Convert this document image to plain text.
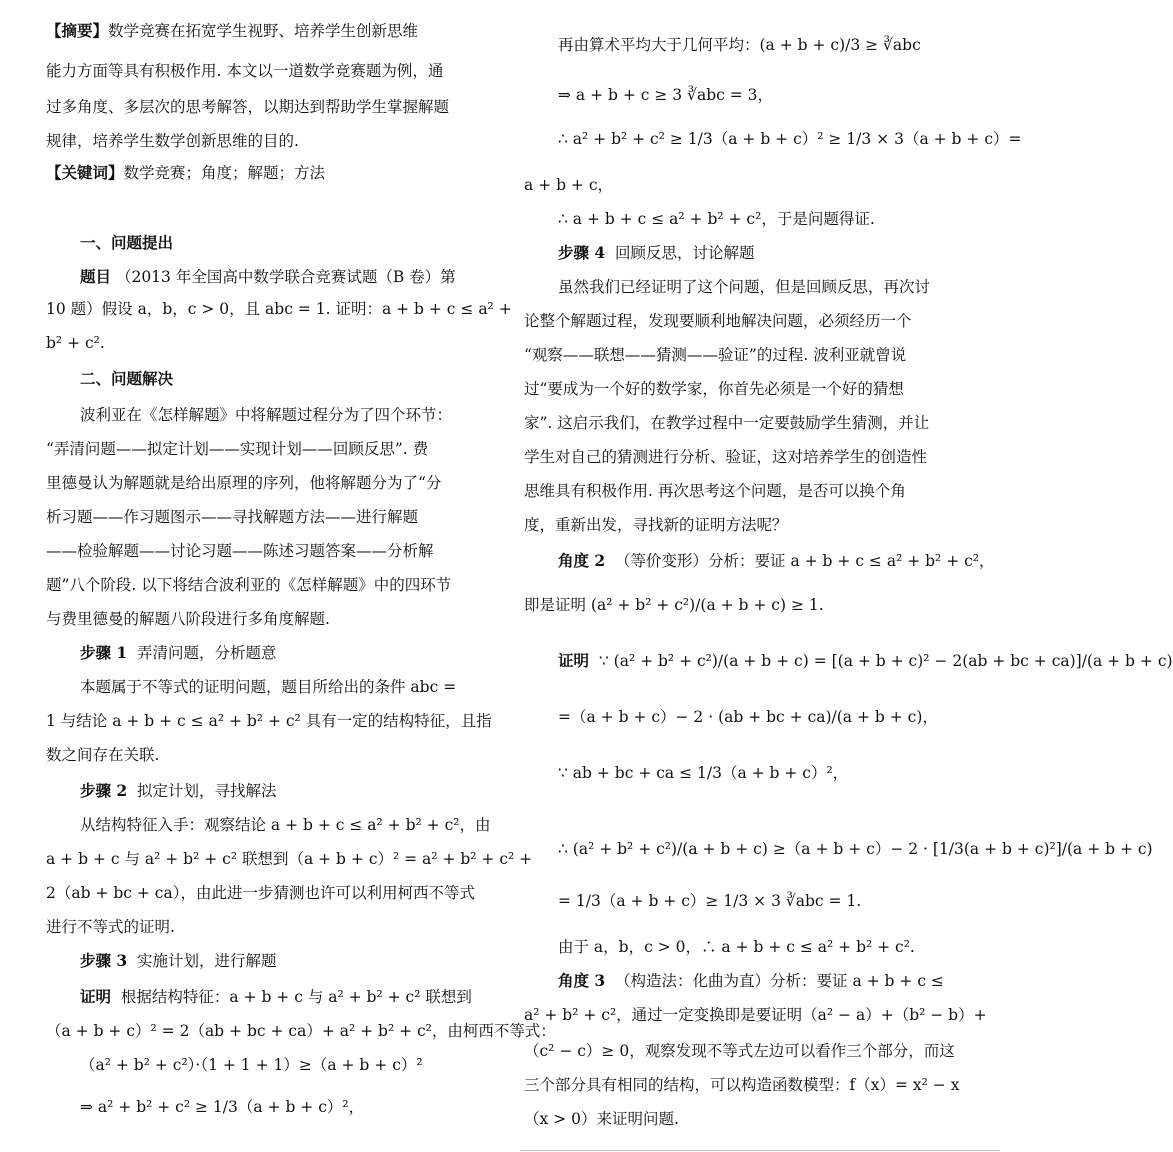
【摘要】数学竞赛在拓宽学生视野、培养学生创新思维
能力方面等具有积极作用. 本文以一道数学竞赛题为例，通
过多角度、多层次的思考解答，以期达到帮助学生掌握解题
规律，培养学生数学创新思维的目的.
【关键词】数学竞赛；角度；解题；方法
一、问题提出
题目 （2013 年全国高中数学联合竞赛试题（B 卷）第
10 题）假设 a，b，c > 0，且 abc = 1. 证明：a + b + c ≤ a² +
b² + c².
二、问题解决
波利亚在《怎样解题》中将解题过程分为了四个环节：
“弄清问题——拟定计划——实现计划——回顾反思”. 费
里德曼认为解题就是给出原理的序列，他将解题分为了“分
析习题——作习题图示——寻找解题方法——进行解题
——检验解题——讨论习题——陈述习题答案——分析解
题”八个阶段. 以下将结合波利亚的《怎样解题》中的四环节
与费里德曼的解题八阶段进行多角度解题.
步骤 1 弄清问题，分析题意
本题属于不等式的证明问题，题目所给出的条件 abc =
1 与结论 a + b + c ≤ a² + b² + c² 具有一定的结构特征，且指
数之间存在关联.
步骤 2 拟定计划，寻找解法
从结构特征入手：观察结论 a + b + c ≤ a² + b² + c²，由
a + b + c 与 a² + b² + c² 联想到（a + b + c）² = a² + b² + c² +
2（ab + bc + ca），由此进一步猜测也许可以利用柯西不等式
进行不等式的证明.
步骤 3 实施计划，进行解题
证明 根据结构特征：a + b + c 与 a² + b² + c² 联想到
（a + b + c）² = 2（ab + bc + ca）+ a² + b² + c²，由柯西不等式：
（a² + b² + c²）·（1 + 1 + 1）≥（a + b + c）²
⇒ a² + b² + c² ≥ 1/3（a + b + c）²，
再由算术平均大于几何平均：(a + b + c)/3 ≥ ∛abc
⇒ a + b + c ≥ 3 ∛abc = 3，
∴ a² + b² + c² ≥ 1/3（a + b + c）² ≥ 1/3 × 3（a + b + c）=
a + b + c，
∴ a + b + c ≤ a² + b² + c²，于是问题得证.
步骤 4 回顾反思，讨论解题
虽然我们已经证明了这个问题，但是回顾反思，再次讨
论整个解题过程，发现要顺利地解决问题，必须经历一个
“观察——联想——猜测——验证”的过程. 波利亚就曾说
过“要成为一个好的数学家，你首先必须是一个好的猜想
家”. 这启示我们，在教学过程中一定要鼓励学生猜测，并让
学生对自己的猜测进行分析、验证，这对培养学生的创造性
思维具有积极作用. 再次思考这个问题，是否可以换个角
度，重新出发，寻找新的证明方法呢？
角度 2 （等价变形）分析：要证 a + b + c ≤ a² + b² + c²，
即是证明 (a² + b² + c²)/(a + b + c) ≥ 1.
证明 ∵ (a² + b² + c²)/(a + b + c) = [(a + b + c)² − 2(ab + bc + ca)]/(a + b + c)
=（a + b + c）− 2 · (ab + bc + ca)/(a + b + c)，
∵ ab + bc + ca ≤ 1/3（a + b + c）²，
∴ (a² + b² + c²)/(a + b + c) ≥（a + b + c）− 2 · [1/3(a + b + c)²]/(a + b + c)
= 1/3（a + b + c）≥ 1/3 × 3 ∛abc = 1.
由于 a，b，c > 0，∴ a + b + c ≤ a² + b² + c².
角度 3 （构造法：化曲为直）分析：要证 a + b + c ≤
a² + b² + c²，通过一定变换即是要证明（a² − a）+（b² − b）+
（c² − c）≥ 0，观察发现不等式左边可以看作三个部分，而这
三个部分具有相同的结构，可以构造函数模型：f（x）= x² − x
（x > 0）来证明问题.
